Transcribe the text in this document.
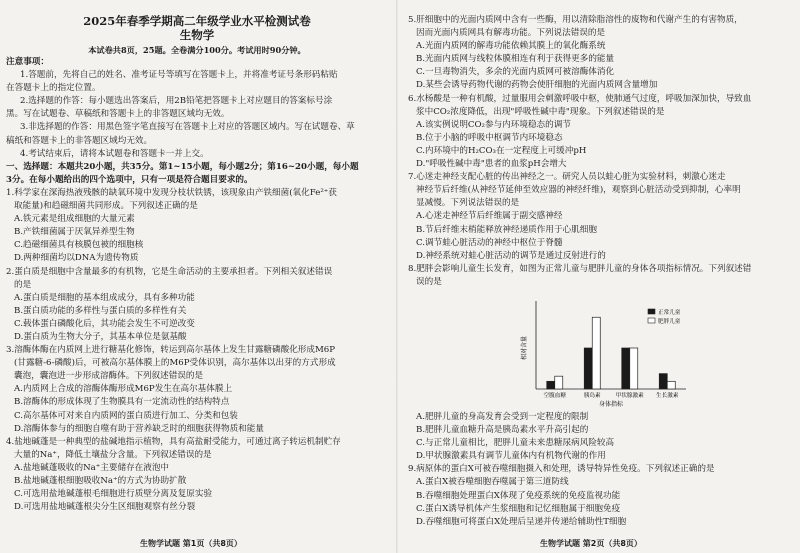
2025年春季学期高二年级学业水平检测试卷
生物学
本试卷共8页，25题。全卷满分100分。考试用时90分钟。
注意事项：
1.答题前，先将自己的姓名、准考证号等填写在答题卡上，并将准考证号条形码粘贴
在答题卡上的指定位置。
2.选择题的作答：每小题选出答案后，用2B铅笔把答题卡上对应题目的答案标号涂
黑。写在试题卷、草稿纸和答题卡上的非答题区域均无效。
3.非选择题的作答：用黑色签字笔直接写在答题卡上对应的答题区域内。写在试题卷、草
稿纸和答题卡上的非答题区域均无效。
4.考试结束后，请将本试题卷和答题卡一并上交。
一、选择题：本题共20小题，共35分。第1~15小题，每小题2分；第16~20小题，每小题
3分。在每小题给出的四个选项中，只有一项是符合题目要求的。
1.科学家在深海热液残骸的缺氧环境中发现分枝状铁锈，该现象由产铁细菌(氧化Fe²⁺获
取能量)和趋磁细菌共同形成。下列叙述正确的是
A.铁元素是组成细胞的大量元素
B.产铁细菌属于厌氧异养型生物
C.趋磁细菌具有核膜包被的细胞核
D.两种细菌均以DNA为遗传物质
2.蛋白质是细胞中含量最多的有机物，它是生命活动的主要承担者。下列相关叙述错误
的是
A.蛋白质是细胞的基本组成成分，具有多种功能
B.蛋白质功能的多样性与蛋白质的多样性有关
C.载体蛋白磷酸化后，其功能会发生不可逆改变
D.蛋白质为生物大分子，其基本单位是氨基酸
3.溶酶体酶在内质网上进行糖基化修饰，转运到高尔基体上发生甘露糖磷酸化形成M6P
(甘露糖-6-磷酸)后，可被高尔基体膜上的M6P受体识别，高尔基体以出芽的方式形成
囊泡，囊泡进一步形成溶酶体。下列叙述错误的是
A.内质网上合成的溶酶体酶形成M6P发生在高尔基体膜上
B.溶酶体的形成体现了生物膜具有一定流动性的结构特点
C.高尔基体可对来自内质网的蛋白质进行加工、分类和包装
D.溶酶体参与的细胞自噬有助于营养缺乏时的细胞获得物质和能量
4.盐地碱蓬是一种典型的盐碱地指示植物，具有高盐耐受能力，可通过离子转运机制贮存
大量的Na⁺，降低土壤盐分含量。下列叙述错误的是
A.盐地碱蓬吸收的Na⁺主要储存在液泡中
B.盐地碱蓬根细胞吸收Na⁺的方式为协助扩散
C.可选用盐地碱蓬根毛细胞进行质壁分离及复原实验
D.可选用盐地碱蓬根尖分生区细胞观察有丝分裂
生物学试题 第1页（共8页）
5.肝细胞中的光面内质网中含有一些酶，用以清除脂溶性的废物和代谢产生的有害物质，
因而光面内质网具有解毒功能。下列说法错误的是
A.光面内质网的解毒功能依赖其膜上的氧化酶系统
B.光面内质网与线粒体膜相连有利于获得更多的能量
C.一旦毒物消失，多余的光面内质网可被溶酶体消化
D.某些会诱导药物代谢的药物会使肝细胞的光面内质网含量增加
6.水杨酸是一种有机酸，过量服用会刺激呼吸中枢，使肺通气过度，呼吸加深加快，导致血
浆中CO₂浓度降低，出现"呼吸性碱中毒"现象。下列叙述错误的是
A.该实例说明CO₂参与内环境稳态的调节
B.位于小脑的呼吸中枢调节内环境稳态
C.内环境中的H₂CO₃在一定程度上可缓冲pH
D."呼吸性碱中毒"患者的血浆pH会增大
7.心迷走神经支配心脏的传出神经之一。研究人员以蛙心脏为实验材料，刺激心迷走
神经节后纤维(从神经节延伸至效应器的神经纤维)，观察到心脏活动受到抑制，心率明
显减慢。下列说法错误的是
A.心迷走神经节后纤维属于副交感神经
B.节后纤维末梢能释放神经递质作用于心肌细胞
C.调节蛙心脏活动的神经中枢位于脊髓
D.神经系统对蛙心脏活动的调节是通过反射进行的
8.肥胖会影响儿童生长发育，如图为正常儿童与肥胖儿童的身体各项指标情况。下列叙述错
误的是
相对含量
身体指标
空腹血糖	胰岛素	甲状腺激素 生长激素
正常儿童
肥胖儿童
A.肥胖儿童的身高发育会受到一定程度的限制
B.肥胖儿童血糖升高是胰岛素水平升高引起的
C.与正常儿童相比，肥胖儿童未来患糖尿病风险较高
D.甲状腺激素具有调节儿童体内有机物代谢的作用
9.病原体的蛋白X可被吞噬细胞摄入和处理，诱导特异性免疫。下列叙述正确的是
A.蛋白X被吞噬细胞吞噬属于第三道防线
B.吞噬细胞处理蛋白X体现了免疫系统的免疫监视功能
C.蛋白X诱导机体产生浆细胞和记忆细胞属于细胞免疫
D.吞噬细胞可将蛋白X处理后呈递并传递给辅助性T细胞
生物学试题 第2页（共8页）
